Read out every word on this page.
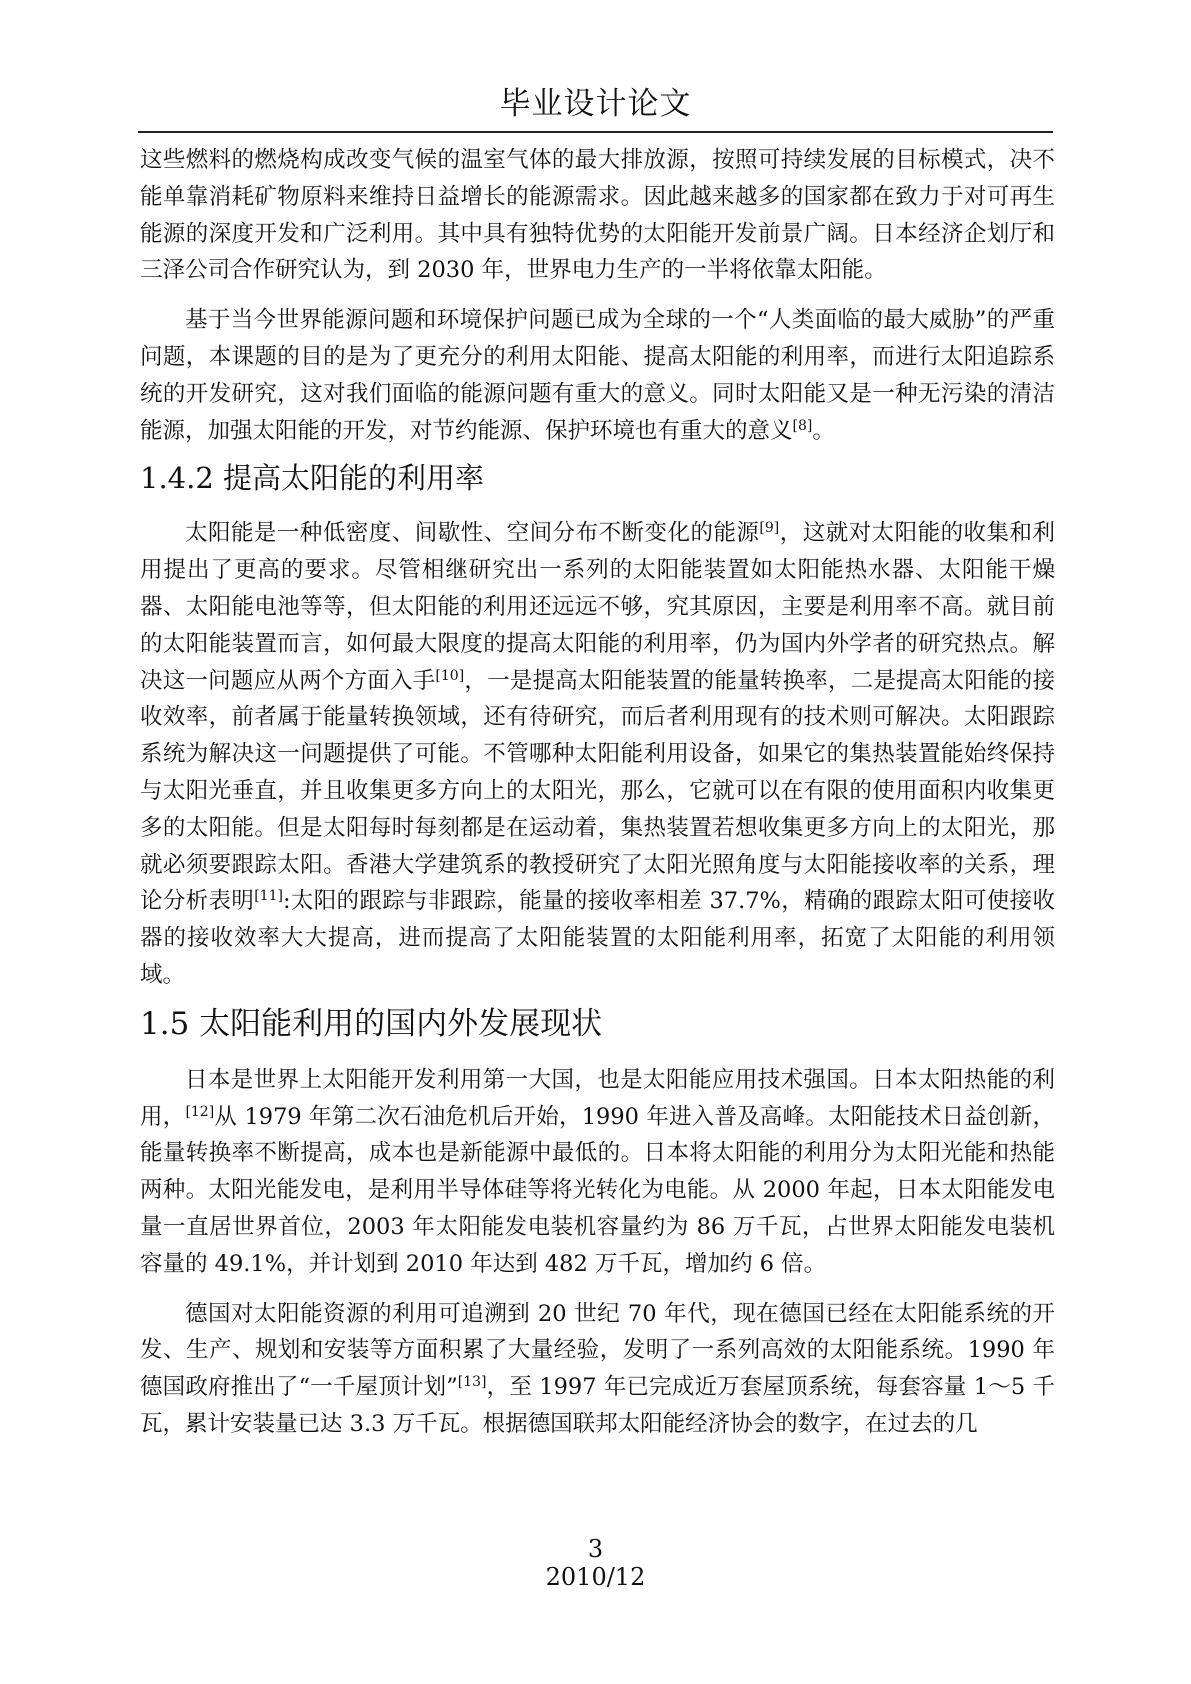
毕业设计论文

这些燃料的燃烧构成改变气候的温室气体的最大排放源，按照可持续发展的目标模式，决不能单靠消耗矿物原料来维持日益增长的能源需求。因此越来越多的国家都在致力于对可再生能源的深度开发和广泛利用。其中具有独特优势的太阳能开发前景广阔。日本经济企划厅和三泽公司合作研究认为，到 2030 年，世界电力生产的一半将依靠太阳能。

基于当今世界能源问题和环境保护问题已成为全球的一个“人类面临的最大威胁”的严重问题，本课题的目的是为了更充分的利用太阳能、提高太阳能的利用率，而进行太阳追踪系统的开发研究，这对我们面临的能源问题有重大的意义。同时太阳能又是一种无污染的清洁能源，加强太阳能的开发，对节约能源、保护环境也有重大的意义[8]。

1.4.2 提高太阳能的利用率

太阳能是一种低密度、间歇性、空间分布不断变化的能源[9]，这就对太阳能的收集和利用提出了更高的要求。尽管相继研究出一系列的太阳能装置如太阳能热水器、太阳能干燥器、太阳能电池等等，但太阳能的利用还远远不够，究其原因，主要是利用率不高。就目前的太阳能装置而言，如何最大限度的提高太阳能的利用率，仍为国内外学者的研究热点。解决这一问题应从两个方面入手[10]，一是提高太阳能装置的能量转换率，二是提高太阳能的接收效率，前者属于能量转换领域，还有待研究，而后者利用现有的技术则可解决。太阳跟踪系统为解决这一问题提供了可能。不管哪种太阳能利用设备，如果它的集热装置能始终保持与太阳光垂直，并且收集更多方向上的太阳光，那么，它就可以在有限的使用面积内收集更多的太阳能。但是太阳每时每刻都是在运动着，集热装置若想收集更多方向上的太阳光，那就必须要跟踪太阳。香港大学建筑系的教授研究了太阳光照角度与太阳能接收率的关系，理论分析表明[11]:太阳的跟踪与非跟踪，能量的接收率相差 37.7%，精确的跟踪太阳可使接收器的接收效率大大提高，进而提高了太阳能装置的太阳能利用率，拓宽了太阳能的利用领域。

1.5 太阳能利用的国内外发展现状

日本是世界上太阳能开发利用第一大国，也是太阳能应用技术强国。日本太阳热能的利用，[12]从 1979 年第二次石油危机后开始，1990 年进入普及高峰。太阳能技术日益创新，能量转换率不断提高，成本也是新能源中最低的。日本将太阳能的利用分为太阳光能和热能两种。太阳光能发电，是利用半导体硅等将光转化为电能。从 2000 年起，日本太阳能发电量一直居世界首位，2003 年太阳能发电装机容量约为 86 万千瓦，占世界太阳能发电装机容量的 49.1%，并计划到 2010 年达到 482 万千瓦，增加约 6 倍。

德国对太阳能资源的利用可追溯到 20 世纪 70 年代，现在德国已经在太阳能系统的开发、生产、规划和安装等方面积累了大量经验，发明了一系列高效的太阳能系统。1990 年德国政府推出了“一千屋顶计划”[13]，至 1997 年已完成近万套屋顶系统，每套容量 1～5 千瓦，累计安装量已达 3.3 万千瓦。根据德国联邦太阳能经济协会的数字，在过去的几

3
2010/12
